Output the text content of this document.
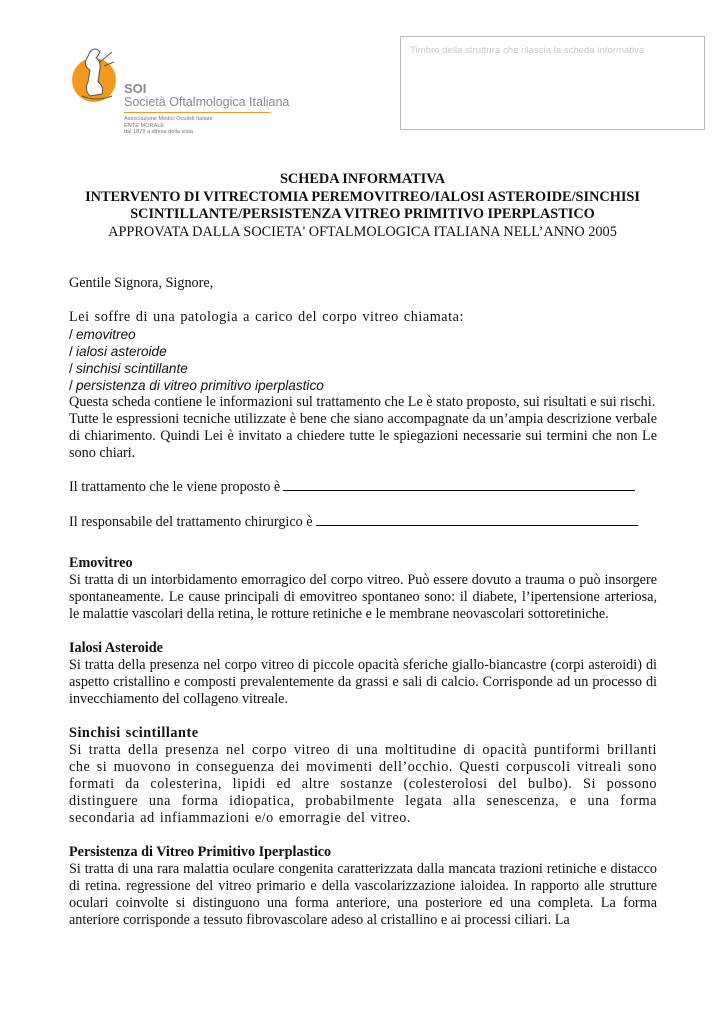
SOI
Società Oftalmologica Italiana
Associazione Medici Oculisti Italiani
ENTE MORALE
dal 1879 a difesa della vista
Timbro della struttura che rilascia la scheda informativa
SCHEDA INFORMATIVA
INTERVENTO DI VITRECTOMIA PEREMOVITREO/IALOSI ASTEROIDE/SINCHISI
SCINTILLANTE/PERSISTENZA VITREO PRIMITIVO IPERPLASTICO
APPROVATA DALLA SOCIETA' OFTALMOLOGICA ITALIANA NELL’ANNO 2005

Gentile Signora, Signore,

Lei soffre di una patologia a carico del corpo vitreo chiamata:

/ emovitreo
/ ialosi asteroide
/ sinchisi scintillante
/ persistenza di vitreo primitivo iperplastico

Questa scheda contiene le informazioni sul trattamento che Le è stato proposto, sui risultati e sui rischi.

Tutte le espressioni tecniche utilizzate è bene che siano accompagnate da un’ampia descrizione verbale di chiarimento. Quindi Lei è invitato a chiedere tutte le spiegazioni necessarie sui termini che non Le sono chiari.

Il trattamento che le viene proposto è
Il responsabile del trattamento chirurgico è

Emovitreo

Si tratta di un intorbidamento emorragico del corpo vitreo. Può essere dovuto a trauma o può insorgere spontaneamente. Le cause principali di emovitreo spontaneo sono: il diabete, l’ipertensione arteriosa, le malattie vascolari della retina, le rotture retiniche e le membrane neovascolari sottoretiniche.

Ialosi Asteroide

Si tratta della presenza nel corpo vitreo di piccole opacità sferiche giallo-biancastre (corpi asteroidi) di aspetto cristallino e composti prevalentemente da grassi e sali di calcio. Corrisponde ad un processo di invecchiamento del collageno vitreale.

Sinchisi scintillante

Si tratta della presenza nel corpo vitreo di una moltitudine di opacità puntiformi brillanti che si muovono in conseguenza dei movimenti dell’occhio. Questi corpuscoli vitreali sono formati da colesterina, lipidi ed altre sostanze (colesterolosi del bulbo). Si possono distinguere una forma idiopatica, probabilmente legata alla senescenza, e una forma secondaria ad infiammazioni e/o emorragie del vitreo.

Persistenza di Vitreo Primitivo Iperplastico

Si tratta di una rara malattia oculare congenita caratterizzata dalla mancata trazioni retiniche e distacco di retina. regressione del vitreo primario e della vascolarizzazione ialoidea. In rapporto alle strutture oculari coinvolte si distinguono una forma anteriore, una posteriore ed una completa. La forma anteriore corrisponde a tessuto fibrovascolare adeso al cristallino e ai processi ciliari. La
